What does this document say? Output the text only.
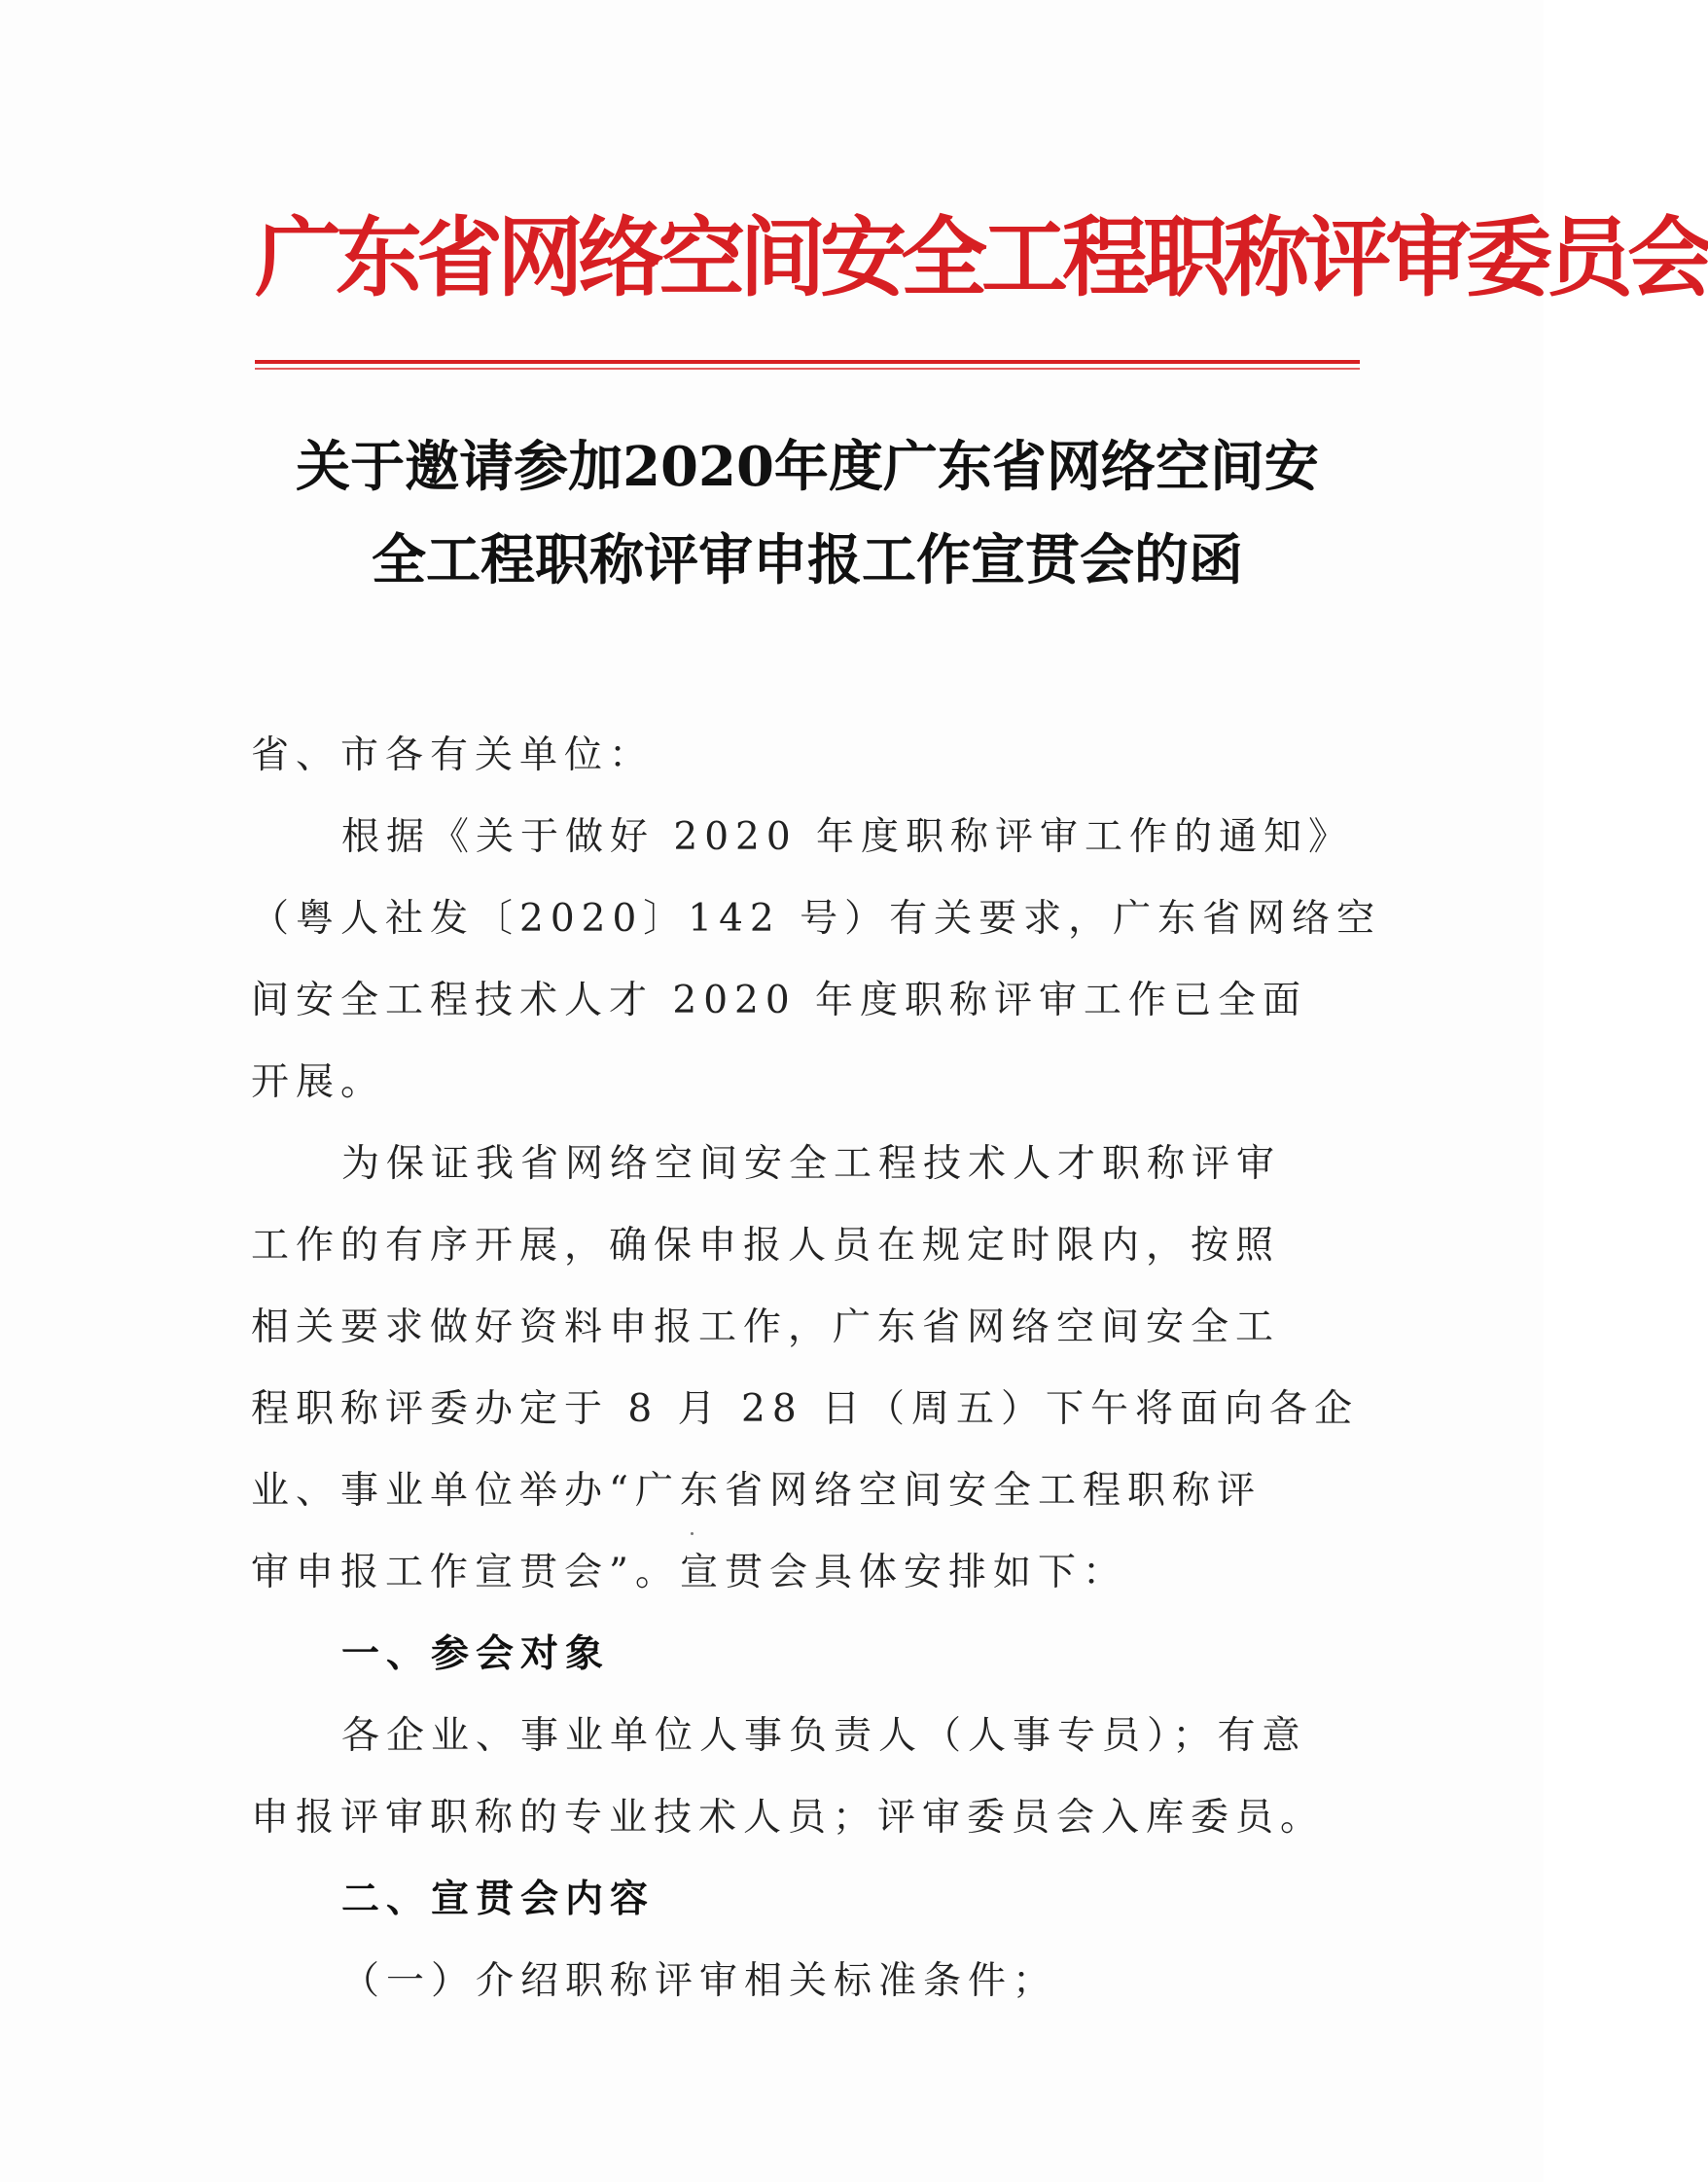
广东省网络空间安全工程职称评审委员会
关于邀请参加2020年度广东省网络空间安
全工程职称评审申报工作宣贯会的函
省、市各有关单位：
根据《关于做好 2020 年度职称评审工作的通知》
（粤人社发〔2020〕142 号）有关要求，广东省网络空
间安全工程技术人才 2020 年度职称评审工作已全面
开展。
为保证我省网络空间安全工程技术人才职称评审
工作的有序开展，确保申报人员在规定时限内，按照
相关要求做好资料申报工作，广东省网络空间安全工
程职称评委办定于 8 月 28 日（周五）下午将面向各企
业、事业单位举办“广东省网络空间安全工程职称评
审申报工作宣贯会”。宣贯会具体安排如下：
一、参会对象
各企业、事业单位人事负责人（人事专员）；有意
申报评审职称的专业技术人员；评审委员会入库委员。
二、宣贯会内容
（一）介绍职称评审相关标准条件；
